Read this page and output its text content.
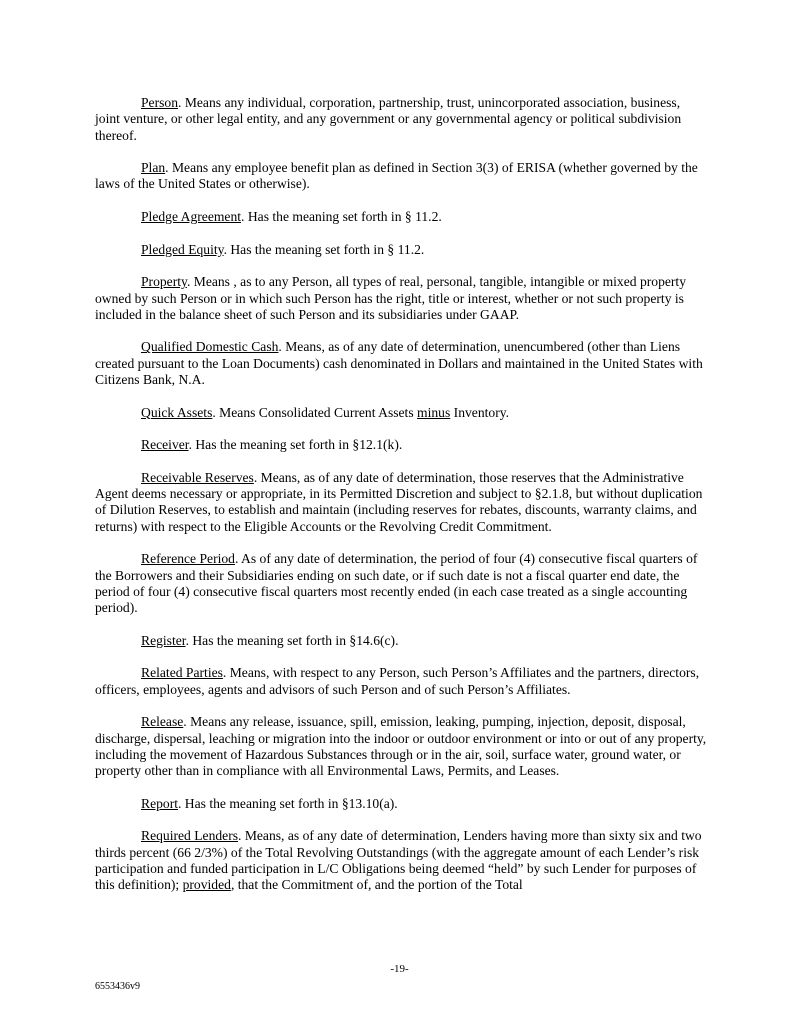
Person. Means any individual, corporation, partnership, trust, unincorporated association, business, joint venture, or other legal entity, and any government or any governmental agency or political subdivision thereof.

Plan. Means any employee benefit plan as defined in Section 3(3) of ERISA (whether governed by the laws of the United States or otherwise).

Pledge Agreement. Has the meaning set forth in § 11.2.

Pledged Equity. Has the meaning set forth in § 11.2.

Property. Means , as to any Person, all types of real, personal, tangible, intangible or mixed property owned by such Person or in which such Person has the right, title or interest, whether or not such property is included in the balance sheet of such Person and its subsidiaries under GAAP.

Qualified Domestic Cash. Means, as of any date of determination, unencumbered (other than Liens created pursuant to the Loan Documents) cash denominated in Dollars and maintained in the United States with Citizens Bank, N.A.

Quick Assets. Means Consolidated Current Assets minus Inventory.

Receiver. Has the meaning set forth in §12.1(k).

Receivable Reserves. Means, as of any date of determination, those reserves that the Administrative Agent deems necessary or appropriate, in its Permitted Discretion and subject to §2.1.8, but without duplication of Dilution Reserves, to establish and maintain (including reserves for rebates, discounts, warranty claims, and returns) with respect to the Eligible Accounts or the Revolving Credit Commitment.

Reference Period. As of any date of determination, the period of four (4) consecutive fiscal quarters of the Borrowers and their Subsidiaries ending on such date, or if such date is not a fiscal quarter end date, the period of four (4) consecutive fiscal quarters most recently ended (in each case treated as a single accounting period).

Register. Has the meaning set forth in §14.6(c).

Related Parties. Means, with respect to any Person, such Person’s Affiliates and the partners, directors, officers, employees, agents and advisors of such Person and of such Person’s Affiliates.

Release. Means any release, issuance, spill, emission, leaking, pumping, injection, deposit, disposal, discharge, dispersal, leaching or migration into the indoor or outdoor environment or into or out of any property, including the movement of Hazardous Substances through or in the air, soil, surface water, ground water, or property other than in compliance with all Environmental Laws, Permits, and Leases.

Report. Has the meaning set forth in §13.10(a).

Required Lenders. Means, as of any date of determination, Lenders having more than sixty six and two thirds percent (66 2/3%) of the Total Revolving Outstandings (with the aggregate amount of each Lender’s risk participation and funded participation in L/C Obligations being deemed “held” by such Lender for purposes of this definition); provided, that the Commitment of, and the portion of the Total

-19-
6553436v9
